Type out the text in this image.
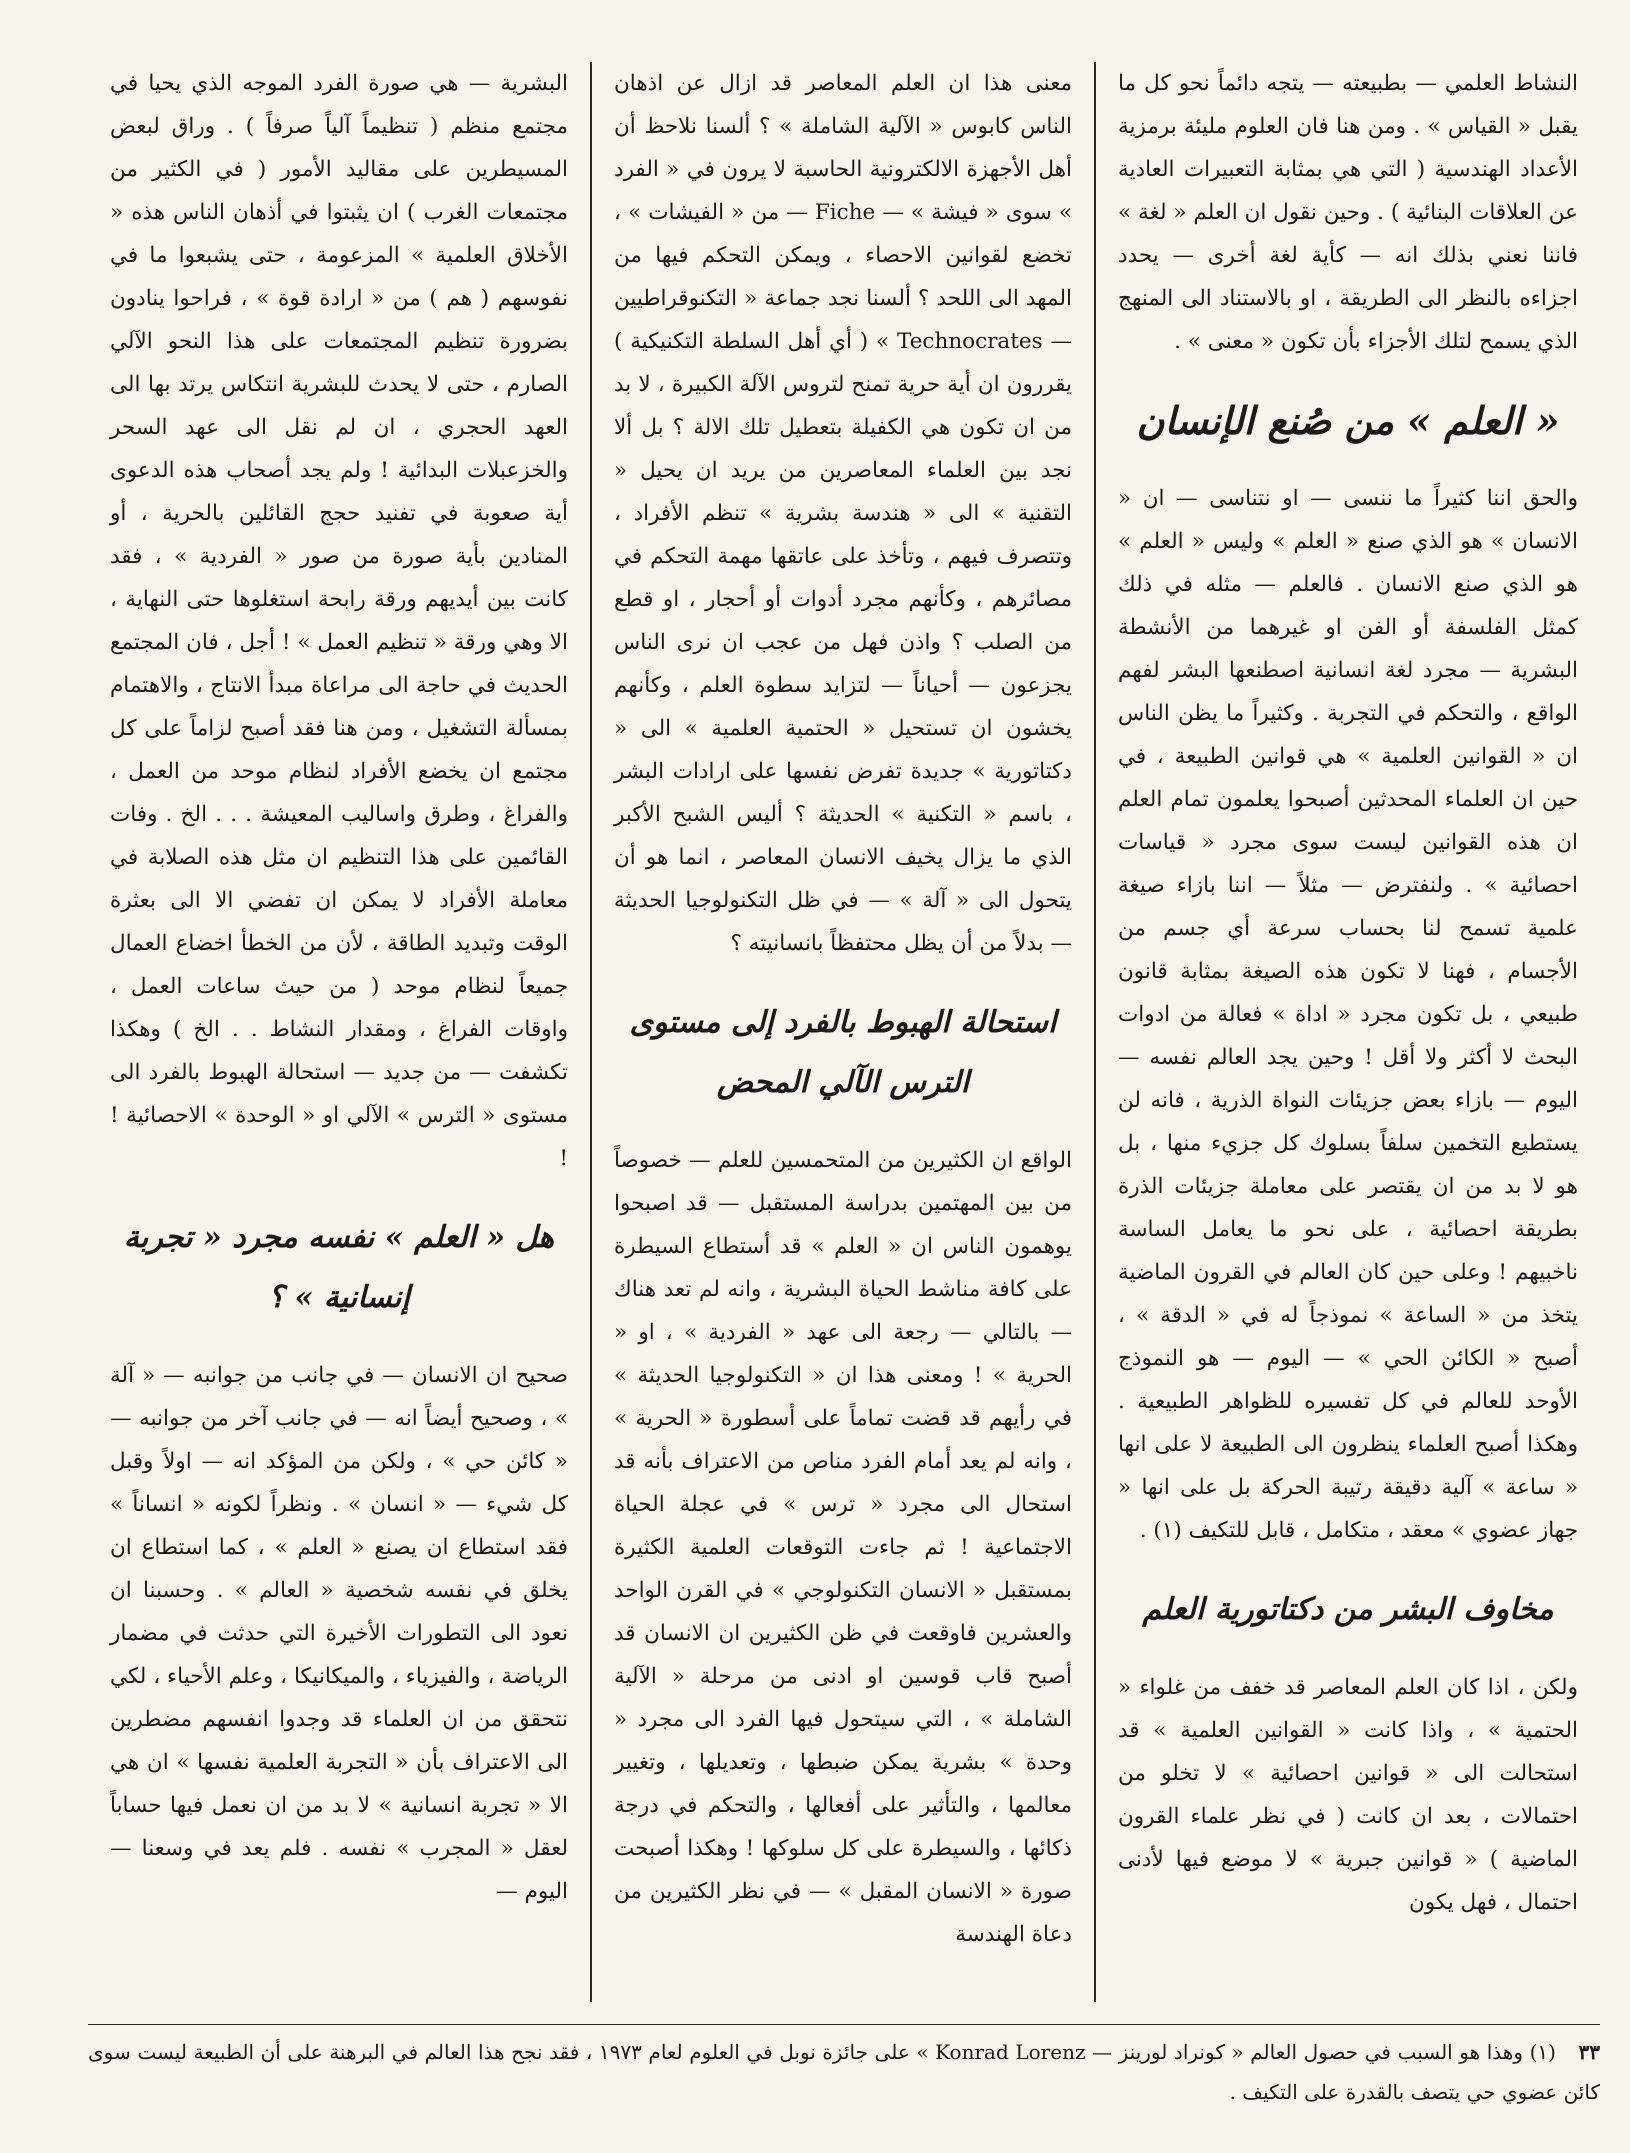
النشاط العلمي — بطبيعته — يتجه دائماً نحو كل ما يقبل « القياس » . ومن هنا فان العلوم مليئة برمزية الأعداد الهندسية ( التي هي بمثابة التعبيرات العادية عن العلاقات البنائية ) . وحين نقول ان العلم « لغة » فاننا نعني بذلك انه — كأية لغة أخرى — يحدد اجزاءه بالنظر الى الطريقة ، او بالاستناد الى المنهج الذي يسمح لتلك الأجزاء بأن تكون « معنى » .

« العلم » من صُنع الإنسان

والحق اننا كثيراً ما ننسى — او نتناسى — ان « الانسان » هو الذي صنع « العلم » وليس « العلم » هو الذي صنع الانسان . فالعلم — مثله في ذلك كمثل الفلسفة أو الفن او غيرهما من الأنشطة البشرية — مجرد لغة انسانية اصطنعها البشر لفهم الواقع ، والتحكم في التجربة . وكثيراً ما يظن الناس ان « القوانين العلمية » هي قوانين الطبيعة ، في حين ان العلماء المحدثين أصبحوا يعلمون تمام العلم ان هذه القوانين ليست سوى مجرد « قياسات احصائية » . ولنفترض — مثلاً — اننا بازاء صيغة علمية تسمح لنا بحساب سرعة أي جسم من الأجسام ، فهنا لا تكون هذه الصيغة بمثابة قانون طبيعي ، بل تكون مجرد « اداة » فعالة من ادوات البحث لا أكثر ولا أقل ! وحين يجد العالم نفسه — اليوم — بازاء بعض جزيئات النواة الذرية ، فانه لن يستطيع التخمين سلفاً بسلوك كل جزيء منها ، بل هو لا بد من ان يقتصر على معاملة جزيئات الذرة بطريقة احصائية ، على نحو ما يعامل الساسة ناخبيهم ! وعلى حين كان العالم في القرون الماضية يتخذ من « الساعة » نموذجاً له في « الدقة » ، أصبح « الكائن الحي » — اليوم — هو النموذج الأوحد للعالم في كل تفسيره للظواهر الطبيعية . وهكذا أصبح العلماء ينظرون الى الطبيعة لا على انها « ساعة » آلية دقيقة رتيبة الحركة بل على انها « جهاز عضوي » معقد ، متكامل ، قابل للتكيف (١) .

مخاوف البشر من دكتاتورية العلم

ولكن ، اذا كان العلم المعاصر قد خفف من غلواء « الحتمية » ، واذا كانت « القوانين العلمية » قد استحالت الى « قوانين احصائية » لا تخلو من احتمالات ، بعد ان كانت ( في نظر علماء القرون الماضية ) « قوانين جبرية » لا موضع فيها لأدنى احتمال ، فهل يكون

معنى هذا ان العلم المعاصر قد ازال عن اذهان الناس كابوس « الآلية الشاملة » ؟ ألسنا نلاحظ أن أهل الأجهزة الالكترونية الحاسبة لا يرون في « الفرد » سوى « فيشة » — Fiche — من « الفيشات » ، تخضع لقوانين الاحصاء ، ويمكن التحكم فيها من المهد الى اللحد ؟ ألسنا نجد جماعة « التكنوقراطيين — Technocrates » ( أي أهل السلطة التكنيكية ) يقررون ان أية حرية تمنح لتروس الآلة الكبيرة ، لا بد من ان تكون هي الكفيلة بتعطيل تلك الالة ؟ بل ألا نجد بين العلماء المعاصرين من يريد ان يحيل « التقنية » الى « هندسة بشرية » تنظم الأفراد ، وتتصرف فيهم ، وتأخذ على عاتقها مهمة التحكم في مصائرهم ، وكأنهم مجرد أدوات أو أحجار ، او قطع من الصلب ؟ واذن فهل من عجب ان نرى الناس يجزعون — أحياناً — لتزايد سطوة العلم ، وكأنهم يخشون ان تستحيل « الحتمية العلمية » الى « دكتاتورية » جديدة تفرض نفسها على ارادات البشر ، باسم « التكنية » الحديثة ؟ أليس الشبح الأكبر الذي ما يزال يخيف الانسان المعاصر ، انما هو أن يتحول الى « آلة » — في ظل التكنولوجيا الحديثة — بدلاً من أن يظل محتفظاً بانسانيته ؟

استحالة الهبوط بالفرد إلى مستوى الترس الآلي المحض

الواقع ان الكثيرين من المتحمسين للعلم — خصوصاً من بين المهتمين بدراسة المستقبل — قد اصبحوا يوهمون الناس ان « العلم » قد أستطاع السيطرة على كافة مناشط الحياة البشرية ، وانه لم تعد هناك — بالتالي — رجعة الى عهد « الفردية » ، او « الحرية » ! ومعنى هذا ان « التكنولوجيا الحديثة » في رأيهم قد قضت تماماً على أسطورة « الحرية » ، وانه لم يعد أمام الفرد مناص من الاعتراف بأنه قد استحال الى مجرد « ترس » في عجلة الحياة الاجتماعية ! ثم جاءت التوقعات العلمية الكثيرة بمستقبل « الانسان التكنولوجي » في القرن الواحد والعشرين فاوقعت في ظن الكثيرين ان الانسان قد أصبح قاب قوسين او ادنى من مرحلة « الآلية الشاملة » ، التي سيتحول فيها الفرد الى مجرد « وحدة » بشرية يمكن ضبطها ، وتعديلها ، وتغيير معالمها ، والتأثير على أفعالها ، والتحكم في درجة ذكائها ، والسيطرة على كل سلوكها ! وهكذا أصبحت صورة « الانسان المقبل » — في نظر الكثيرين من دعاة الهندسة

البشرية — هي صورة الفرد الموجه الذي يحيا في مجتمع منظم ( تنظيماً آلياً صرفاً ) . وراق لبعض المسيطرين على مقاليد الأمور ( في الكثير من مجتمعات الغرب ) ان يثبتوا في أذهان الناس هذه « الأخلاق العلمية » المزعومة ، حتى يشبعوا ما في نفوسهم ( هم ) من « ارادة قوة » ، فراحوا ينادون بضرورة تنظيم المجتمعات على هذا النحو الآلي الصارم ، حتى لا يحدث للبشرية انتكاس يرتد بها الى العهد الحجري ، ان لم نقل الى عهد السحر والخزعبلات البدائية ! ولم يجد أصحاب هذه الدعوى أية صعوبة في تفنيد حجج القائلين بالحرية ، أو المنادين بأية صورة من صور « الفردية » ، فقد كانت بين أيديهم ورقة رابحة استغلوها حتى النهاية ، الا وهي ورقة « تنظيم العمل » ! أجل ، فان المجتمع الحديث في حاجة الى مراعاة مبدأ الانتاج ، والاهتمام بمسألة التشغيل ، ومن هنا فقد أصبح لزاماً على كل مجتمع ان يخضع الأفراد لنظام موحد من العمل ، والفراغ ، وطرق واساليب المعيشة . . . الخ . وفات القائمين على هذا التنظيم ان مثل هذه الصلابة في معاملة الأفراد لا يمكن ان تفضي الا الى بعثرة الوقت وتبديد الطاقة ، لأن من الخطأ اخضاع العمال جميعاً لنظام موحد ( من حيث ساعات العمل ، واوقات الفراغ ، ومقدار النشاط . . الخ ) وهكذا تكشفت — من جديد — استحالة الهبوط بالفرد الى مستوى « الترس » الآلي او « الوحدة » الاحصائية ! !

هل « العلم » نفسه مجرد « تجربة إنسانية » ؟

صحيح ان الانسان — في جانب من جوانبه — « آلة » ، وصحيح أيضاً انه — في جانب آخر من جوانبه — « كائن حي » ، ولكن من المؤكد انه — اولاً وقبل كل شيء — « انسان » . ونظراً لكونه « انساناً » فقد استطاع ان يصنع « العلم » ، كما استطاع ان يخلق في نفسه شخصية « العالم » . وحسبنا ان نعود الى التطورات الأخيرة التي حدثت في مضمار الرياضة ، والفيزياء ، والميكانيكا ، وعلم الأحياء ، لكي نتحقق من ان العلماء قد وجدوا انفسهم مضطرين الى الاعتراف بأن « التجربة العلمية نفسها » ان هي الا « تجربة انسانية » لا بد من ان نعمل فيها حساباً لعقل « المجرب » نفسه . فلم يعد في وسعنا — اليوم —

٣٣ (١) وهذا هو السبب في حصول العالم « كونراد لورينز — Konrad Lorenz » على جائزة نوبل في العلوم لعام ١٩٧٣ ، فقد نجح هذا العالم في البرهنة على أن الطبيعة ليست سوى كائن عضوي حي يتصف بالقدرة على التكيف .
